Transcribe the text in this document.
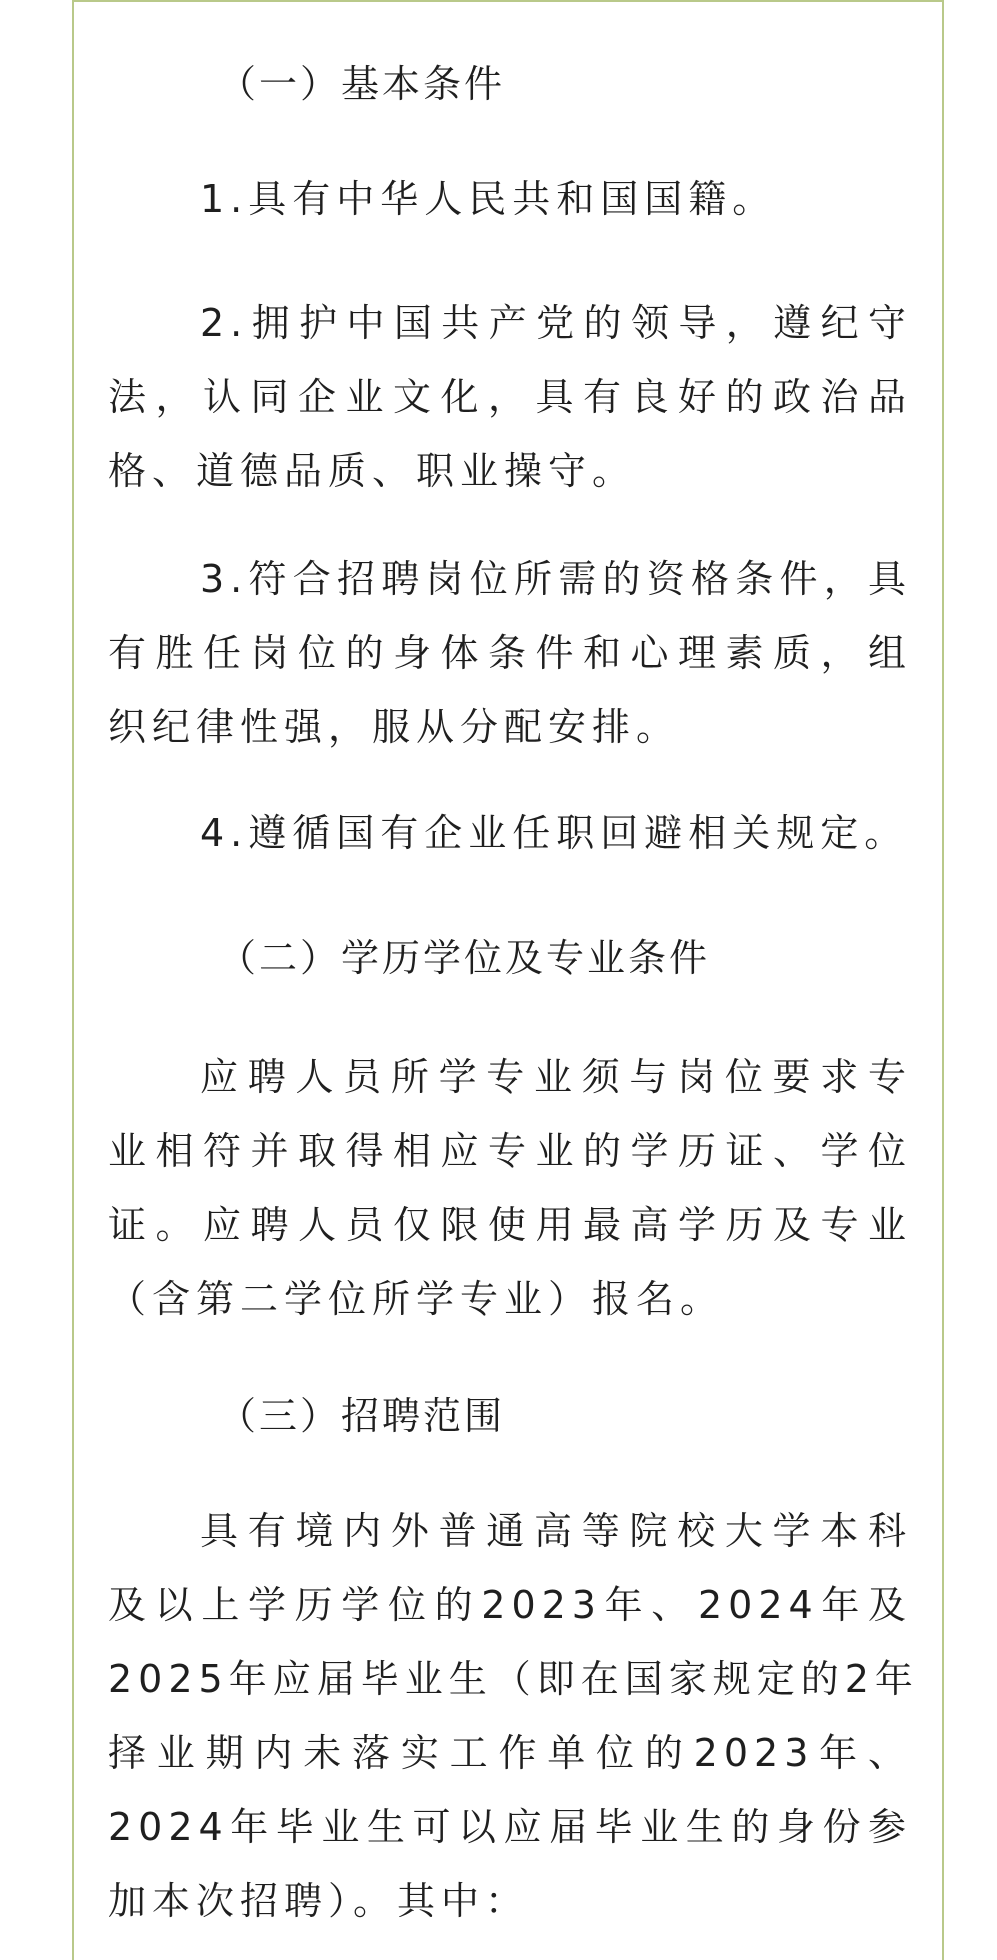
（一）基本条件
1.具有中华人民共和国国籍。
2.拥护中国共产党的领导，遵纪守
法，认同企业文化，具有良好的政治品
格、道德品质、职业操守。
3.符合招聘岗位所需的资格条件，具
有胜任岗位的身体条件和心理素质，组
织纪律性强，服从分配安排。
4.遵循国有企业任职回避相关规定。
（二）学历学位及专业条件
应聘人员所学专业须与岗位要求专
业相符并取得相应专业的学历证、学位
证。应聘人员仅限使用最高学历及专业
（含第二学位所学专业）报名。
（三）招聘范围
具有境内外普通高等院校大学本科
及以上学历学位的2023年、2024年及
2025年应届毕业生（即在国家规定的2年
择业期内未落实工作单位的2023年、
2024年毕业生可以应届毕业生的身份参
加本次招聘）。其中：
